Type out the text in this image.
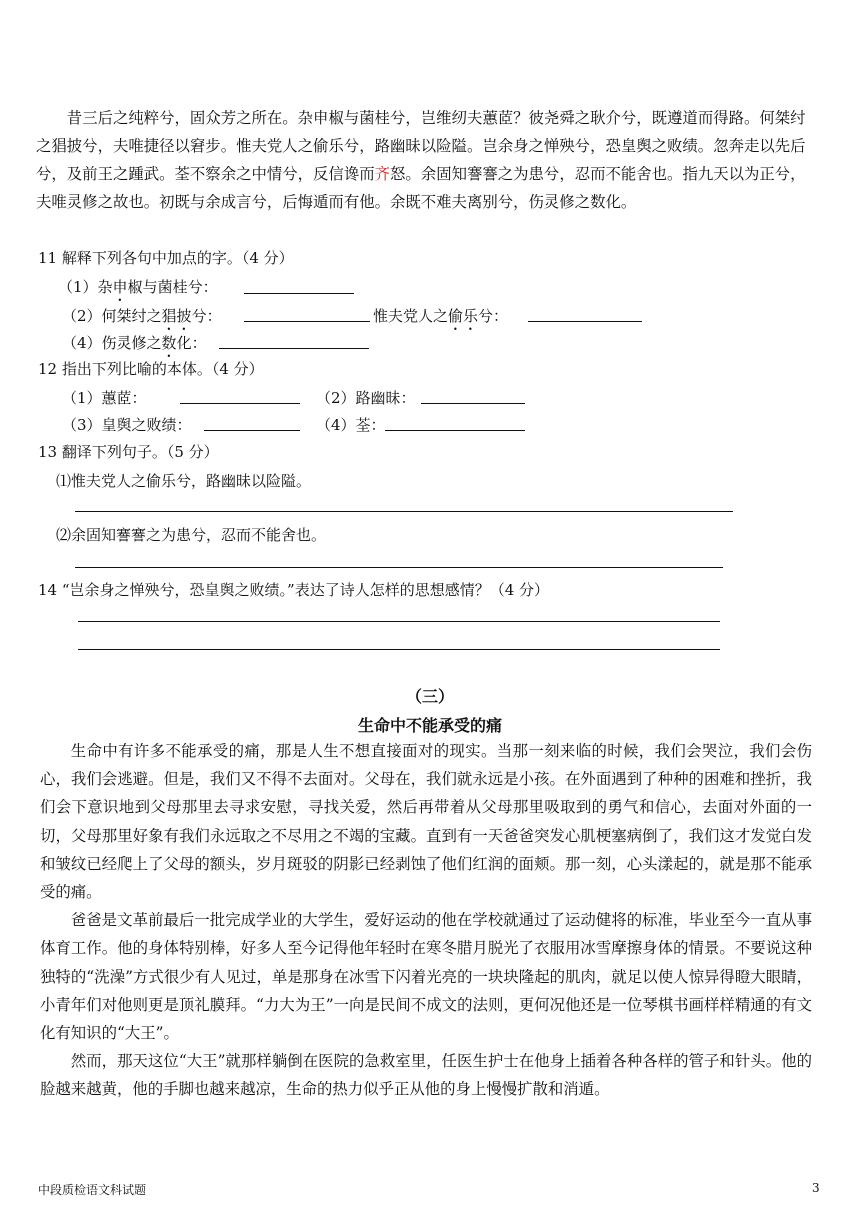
昔三后之纯粹兮，固众芳之所在。杂申椒与菌桂兮，岂维纫夫蕙茝？彼尧舜之耿介兮，既遵道而得路。何桀纣之猖披兮，夫唯捷径以窘步。惟夫党人之偷乐兮，路幽昧以险隘。岂余身之惮殃兮，恐皇舆之败绩。忽奔走以先后兮，及前王之踵武。荃不察余之中情兮，反信谗而齐怒。余固知謇謇之为患兮，忍而不能舍也。指九天以为正兮，夫唯灵修之故也。初既与余成言兮，后悔遁而有他。余既不难夫离别兮，伤灵修之数化。

11 解释下列各句中加点的字。（4 分）
（1）杂申椒与菌桂兮：
（2）何桀纣之猖披兮：	惟夫党人之偷乐兮：
（4）伤灵修之数化：
12 指出下列比喻的本体。（4 分）
（1）蕙茝：	（2）路幽昧：
（3）皇舆之败绩：	（4）荃：
13 翻译下列句子。（5 分）
⑴惟夫党人之偷乐兮，路幽昧以险隘。
⑵余固知謇謇之为患兮，忍而不能舍也。
14 “岂余身之惮殃兮，恐皇舆之败绩。”表达了诗人怎样的思想感情？（4 分）
（三）
生命中不能承受的痛

生命中有许多不能承受的痛，那是人生不想直接面对的现实。当那一刻来临的时候，我们会哭泣，我们会伤心，我们会逃避。但是，我们又不得不去面对。父母在，我们就永远是小孩。在外面遇到了种种的困难和挫折，我们会下意识地到父母那里去寻求安慰，寻找关爱，然后再带着从父母那里吸取到的勇气和信心，去面对外面的一切，父母那里好象有我们永远取之不尽用之不竭的宝藏。直到有一天爸爸突发心肌梗塞病倒了，我们这才发觉白发和皱纹已经爬上了父母的额头，岁月斑驳的阴影已经剥蚀了他们红润的面颊。那一刻，心头漾起的，就是那不能承受的痛。

爸爸是文革前最后一批完成学业的大学生，爱好运动的他在学校就通过了运动健将的标准，毕业至今一直从事体育工作。他的身体特别棒，好多人至今记得他年轻时在寒冬腊月脱光了衣服用冰雪摩擦身体的情景。不要说这种独特的“洗澡”方式很少有人见过，单是那身在冰雪下闪着光亮的一块块隆起的肌肉，就足以使人惊异得瞪大眼睛，小青年们对他则更是顶礼膜拜。“力大为王”一向是民间不成文的法则，更何况他还是一位琴棋书画样样精通的有文化有知识的“大王”。

然而，那天这位“大王”就那样躺倒在医院的急救室里，任医生护士在他身上插着各种各样的管子和针头。他的脸越来越黄，他的手脚也越来越凉，生命的热力似乎正从他的身上慢慢扩散和消遁。

中段质检语文科试题	3
